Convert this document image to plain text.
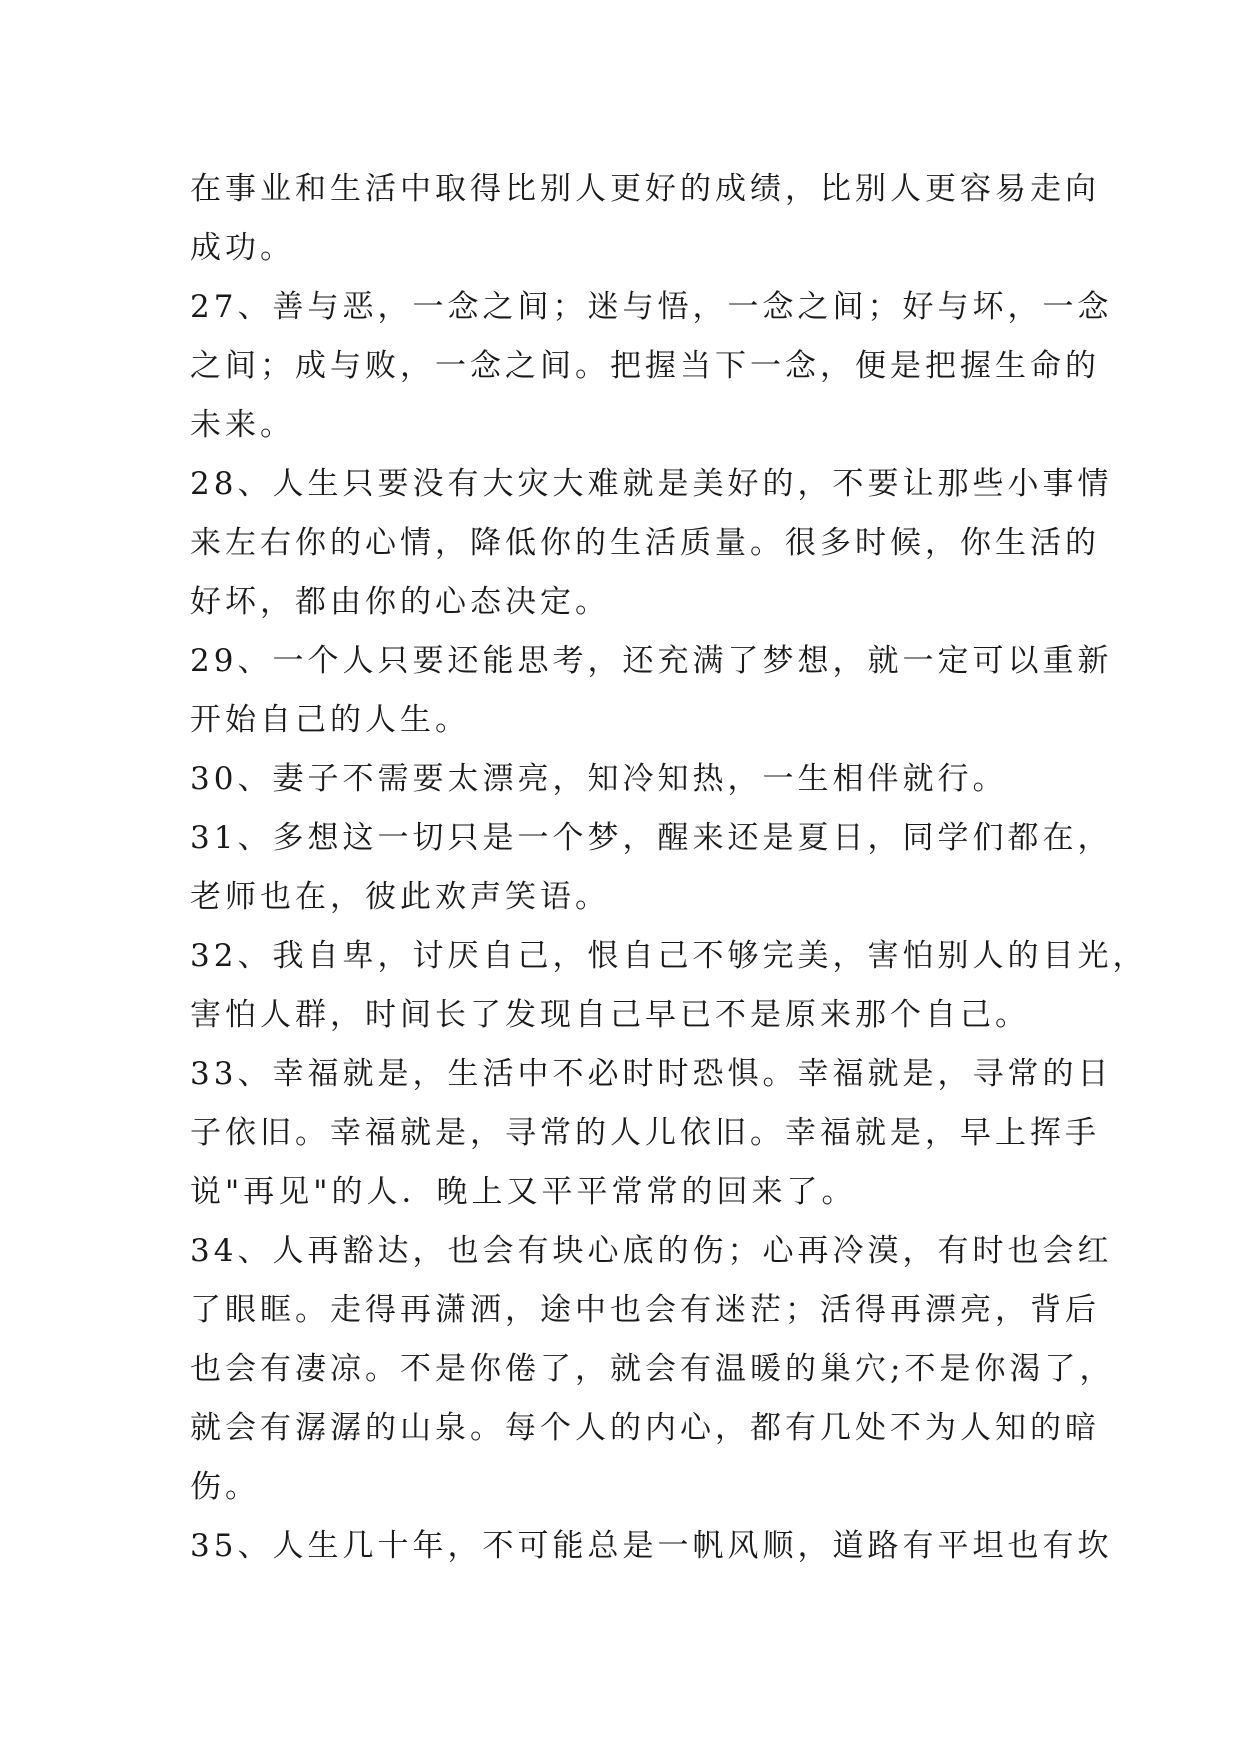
在事业和生活中取得比别人更好的成绩，比别人更容易走向
成功。
27、善与恶，一念之间；迷与悟，一念之间；好与坏，一念
之间；成与败，一念之间。把握当下一念，便是把握生命的
未来。
28、人生只要没有大灾大难就是美好的，不要让那些小事情
来左右你的心情，降低你的生活质量。很多时候，你生活的
好坏，都由你的心态决定。
29、一个人只要还能思考，还充满了梦想，就一定可以重新
开始自己的人生。
30、妻子不需要太漂亮，知冷知热，一生相伴就行。
31、多想这一切只是一个梦，醒来还是夏日，同学们都在，
老师也在，彼此欢声笑语。
32、我自卑，讨厌自己，恨自己不够完美，害怕别人的目光，
害怕人群，时间长了发现自己早已不是原来那个自己。
33、幸福就是，生活中不必时时恐惧。幸福就是，寻常的日
子依旧。幸福就是，寻常的人儿依旧。幸福就是，早上挥手
说"再见"的人．晚上又平平常常的回来了。
34、人再豁达，也会有块心底的伤；心再冷漠，有时也会红
了眼眶。走得再潇洒，途中也会有迷茫；活得再漂亮，背后
也会有凄凉。不是你倦了，就会有温暖的巢穴;不是你渴了，
就会有潺潺的山泉。每个人的内心，都有几处不为人知的暗
伤。
35、人生几十年，不可能总是一帆风顺，道路有平坦也有坎
